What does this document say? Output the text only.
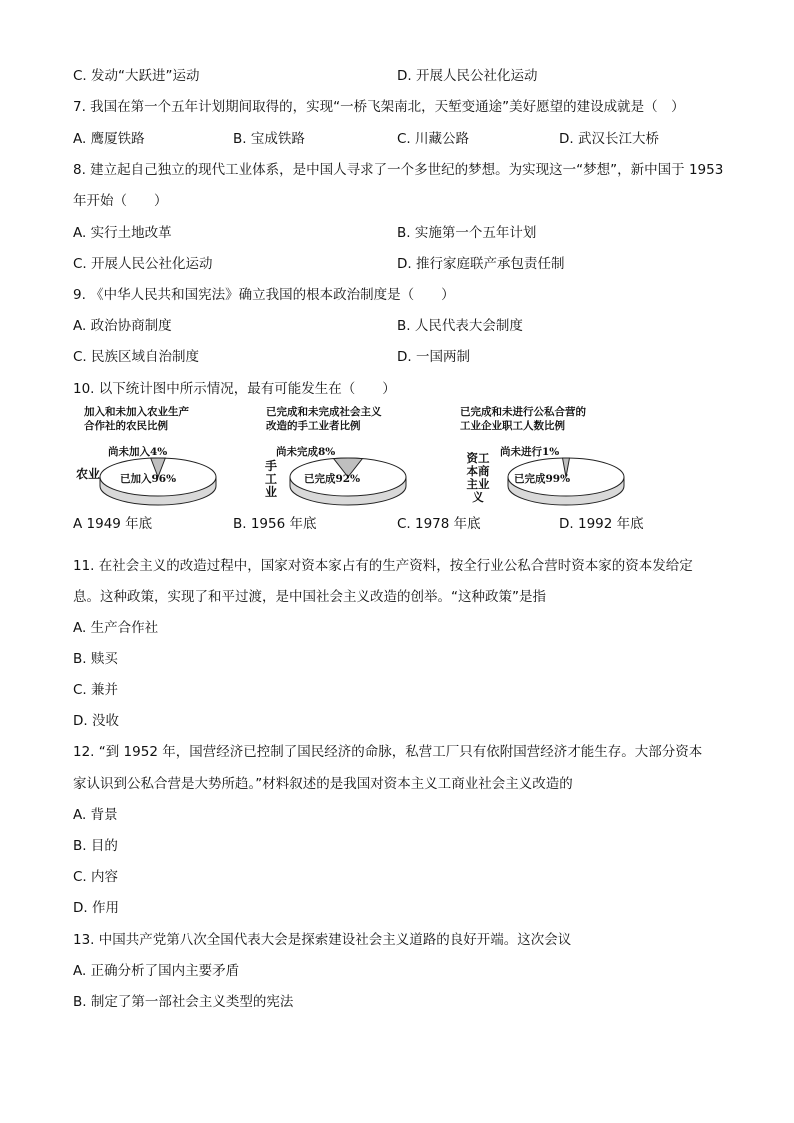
C. 发动“大跃进”运动	D. 开展人民公社化运动
7. 我国在第一个五年计划期间取得的，实现“一桥飞架南北，天堑变通途”美好愿望的建设成就是（　）
A. 鹰厦铁路	B. 宝成铁路	C. 川藏公路	D. 武汉长江大桥
8. 建立起自己独立的现代工业体系，是中国人寻求了一个多世纪的梦想。为实现这一“梦想”，新中国于 1953
年开始（　　）
A. 实行土地改革	B. 实施第一个五年计划
C. 开展人民公社化运动	D. 推行家庭联产承包责任制
9. 《中华人民共和国宪法》确立我国的根本政治制度是（　　）
A. 政治协商制度	B. 人民代表大会制度
C. 民族区域自治制度	D. 一国两制
10. 以下统计图中所示情况，最有可能发生在（　　）
加入和未加入农业生产
合作社的农民比例
农业
尚未加入4%
已加入96%
已完成和未完成社会主义
改造的手工业者比例
手工业
尚未完成8%
已完成92%
已完成和未进行公私合营的
工业企业职工人数比例
资工本商主业义
尚未进行1%
已完成99%
A 1949 年底	B. 1956 年底	C. 1978 年底	D. 1992 年底
11. 在社会主义的改造过程中，国家对资本家占有的生产资料，按全行业公私合营时资本家的资本发给定
息。这种政策，实现了和平过渡，是中国社会主义改造的创举。“这种政策”是指
A. 生产合作社
B. 赎买
C. 兼并
D. 没收
12. “到 1952 年，国营经济已控制了国民经济的命脉，私营工厂只有依附国营经济才能生存。大部分资本
家认识到公私合营是大势所趋。”材料叙述的是我国对资本主义工商业社会主义改造的
A. 背景
B. 目的
C. 内容
D. 作用
13. 中国共产党第八次全国代表大会是探索建设社会主义道路的良好开端。这次会议
A. 正确分析了国内主要矛盾
B. 制定了第一部社会主义类型的宪法
